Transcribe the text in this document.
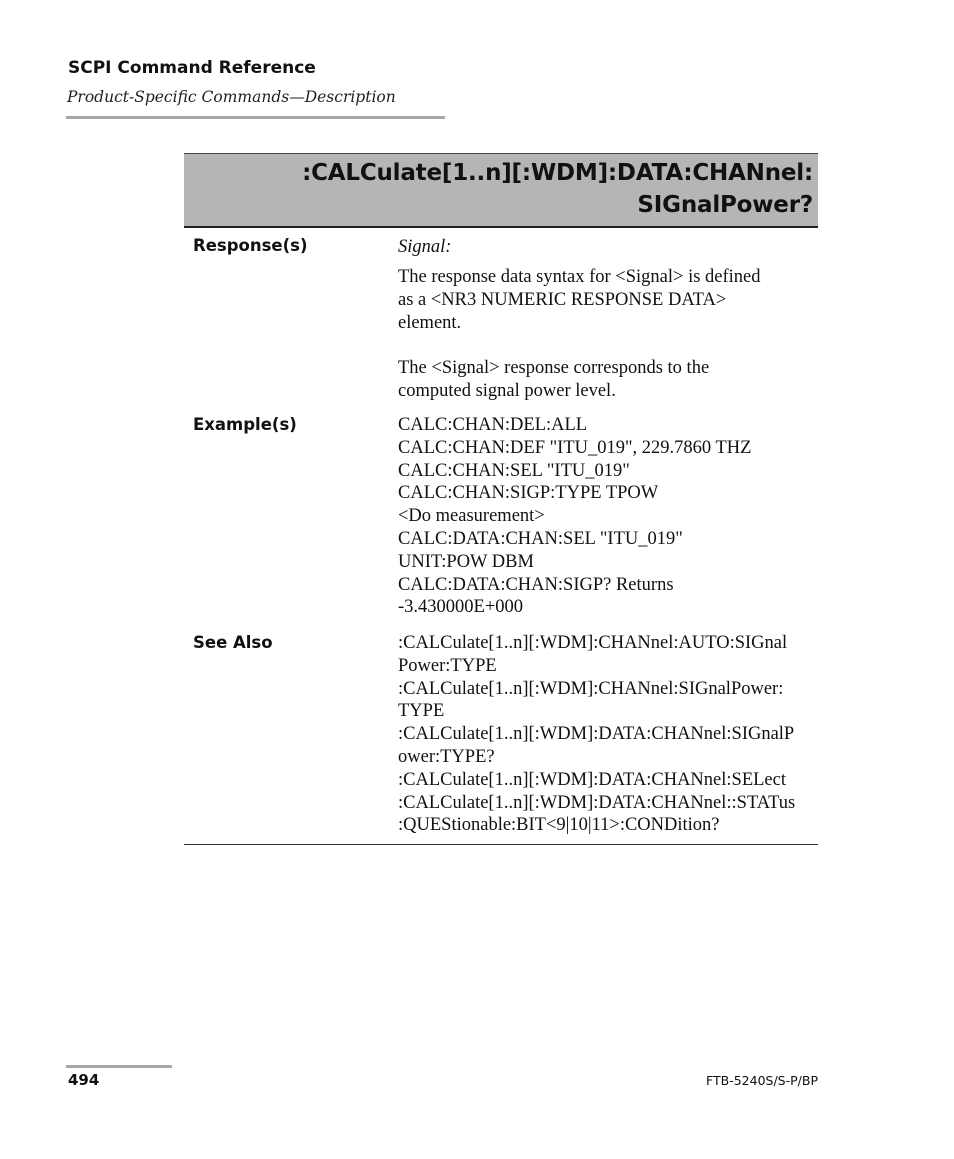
SCPI Command Reference
Product-Specific Commands—Description
:CALCulate[1..n][:WDM]:DATA:CHANnel:
SIGnalPower?
Response(s)	Signal:
The response data syntax for <Signal> is defined
as a <NR3 NUMERIC RESPONSE DATA>
element.
The <Signal> response corresponds to the
computed signal power level.
Example(s)	CALC:CHAN:DEL:ALL
CALC:CHAN:DEF "ITU_019", 229.7860 THZ
CALC:CHAN:SEL "ITU_019"
CALC:CHAN:SIGP:TYPE TPOW
<Do measurement>
CALC:DATA:CHAN:SEL "ITU_019"
UNIT:POW DBM
CALC:DATA:CHAN:SIGP? Returns
-3.430000E+000
See Also	:CALCulate[1..n][:WDM]:CHANnel:AUTO:SIGnal
Power:TYPE
:CALCulate[1..n][:WDM]:CHANnel:SIGnalPower:
TYPE
:CALCulate[1..n][:WDM]:DATA:CHANnel:SIGnalP
ower:TYPE?
:CALCulate[1..n][:WDM]:DATA:CHANnel:SELect
:CALCulate[1..n][:WDM]:DATA:CHANnel::STATus
:QUEStionable:BIT<9|10|11>:CONDition?
494	FTB-5240S/S-P/BP
